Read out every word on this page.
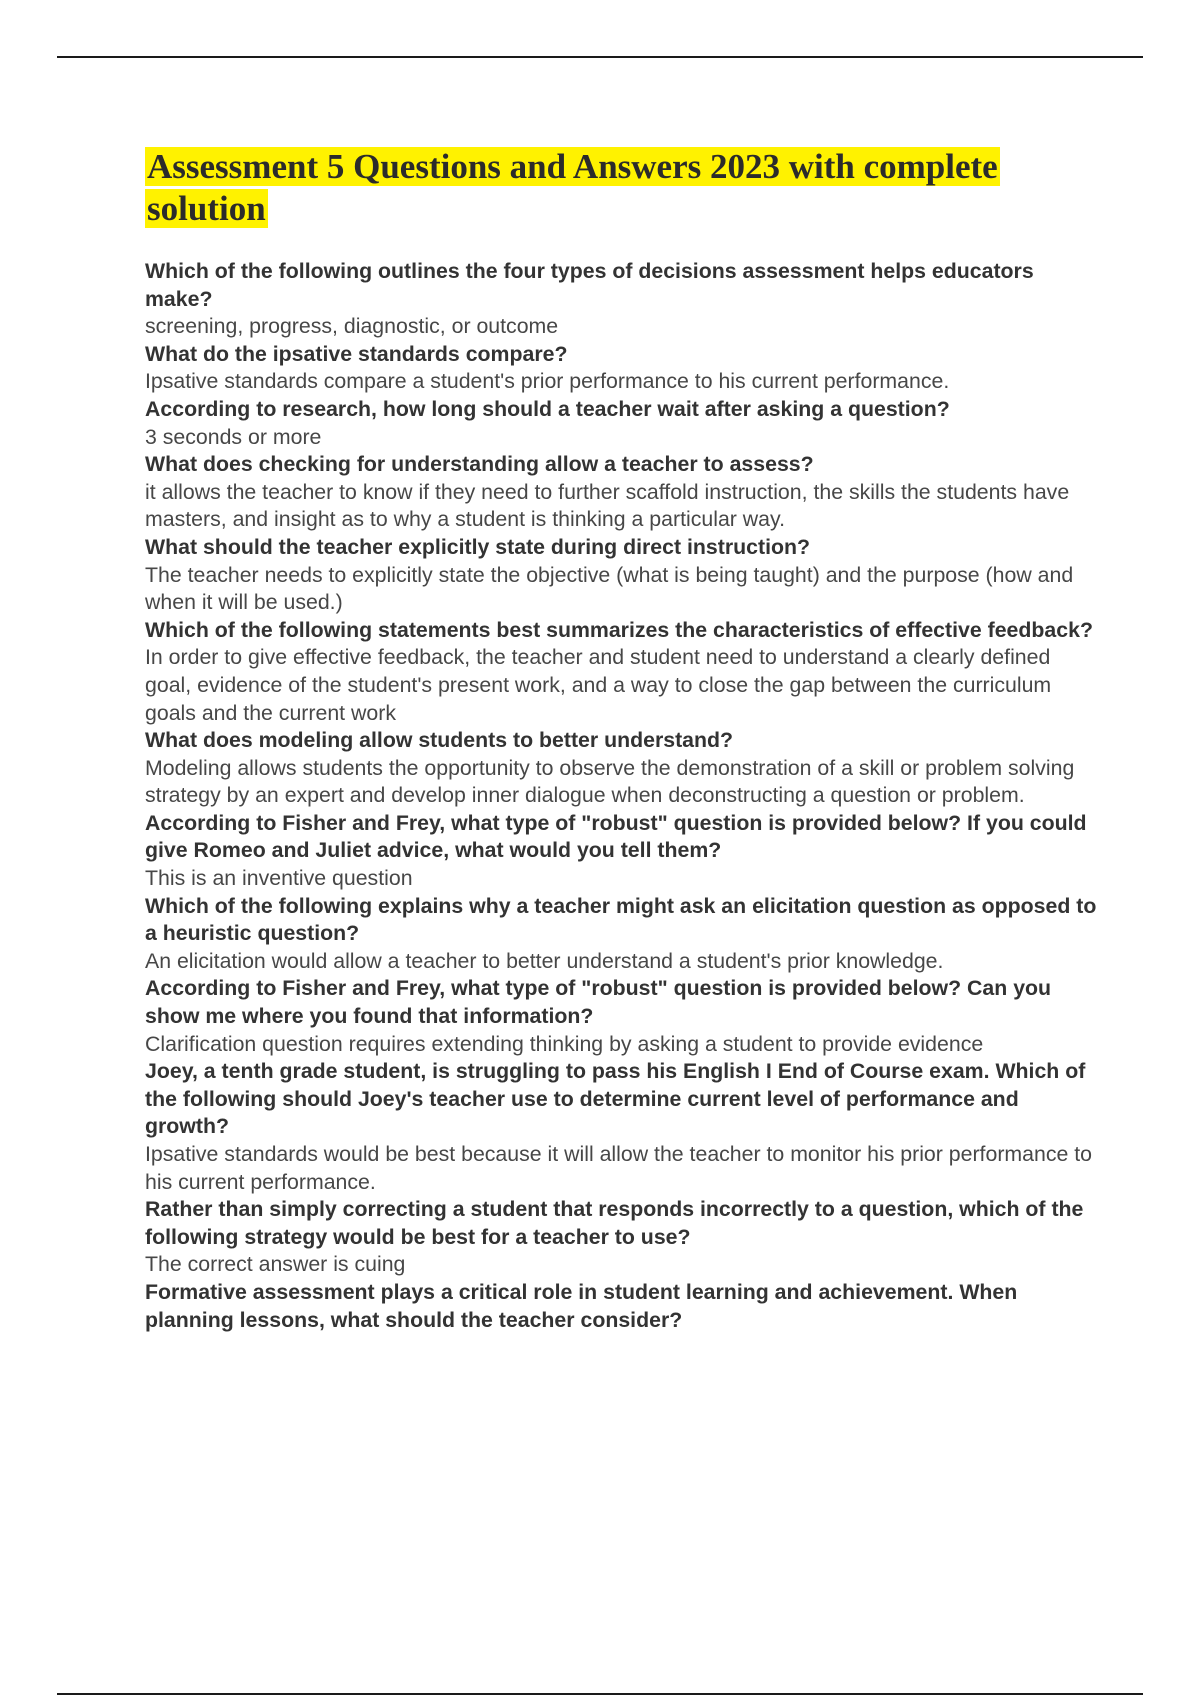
Assessment 5 Questions and Answers 2023 with complete solution
Which of the following outlines the four types of decisions assessment helps educators make?
screening, progress, diagnostic, or outcome
What do the ipsative standards compare?
Ipsative standards compare a student's prior performance to his current performance.
According to research, how long should a teacher wait after asking a question?
3 seconds or more
What does checking for understanding allow a teacher to assess?
it allows the teacher to know if they need to further scaffold instruction, the skills the students have masters, and insight as to why a student is thinking a particular way.
What should the teacher explicitly state during direct instruction?
The teacher needs to explicitly state the objective (what is being taught) and the purpose (how and when it will be used.)
Which of the following statements best summarizes the characteristics of effective feedback?
In order to give effective feedback, the teacher and student need to understand a clearly defined goal, evidence of the student's present work, and a way to close the gap between the curriculum goals and the current work
What does modeling allow students to better understand?
Modeling allows students the opportunity to observe the demonstration of a skill or problem solving strategy by an expert and develop inner dialogue when deconstructing a question or problem.
According to Fisher and Frey, what type of "robust" question is provided below? If you could give Romeo and Juliet advice, what would you tell them?
This is an inventive question
Which of the following explains why a teacher might ask an elicitation question as opposed to a heuristic question?
An elicitation would allow a teacher to better understand a student's prior knowledge.
According to Fisher and Frey, what type of "robust" question is provided below? Can you show me where you found that information?
Clarification question requires extending thinking by asking a student to provide evidence
Joey, a tenth grade student, is struggling to pass his English I End of Course exam. Which of the following should Joey's teacher use to determine current level of performance and growth?
Ipsative standards would be best because it will allow the teacher to monitor his prior performance to his current performance.
Rather than simply correcting a student that responds incorrectly to a question, which of the following strategy would be best for a teacher to use?
The correct answer is cuing
Formative assessment plays a critical role in student learning and achievement. When planning lessons, what should the teacher consider?
